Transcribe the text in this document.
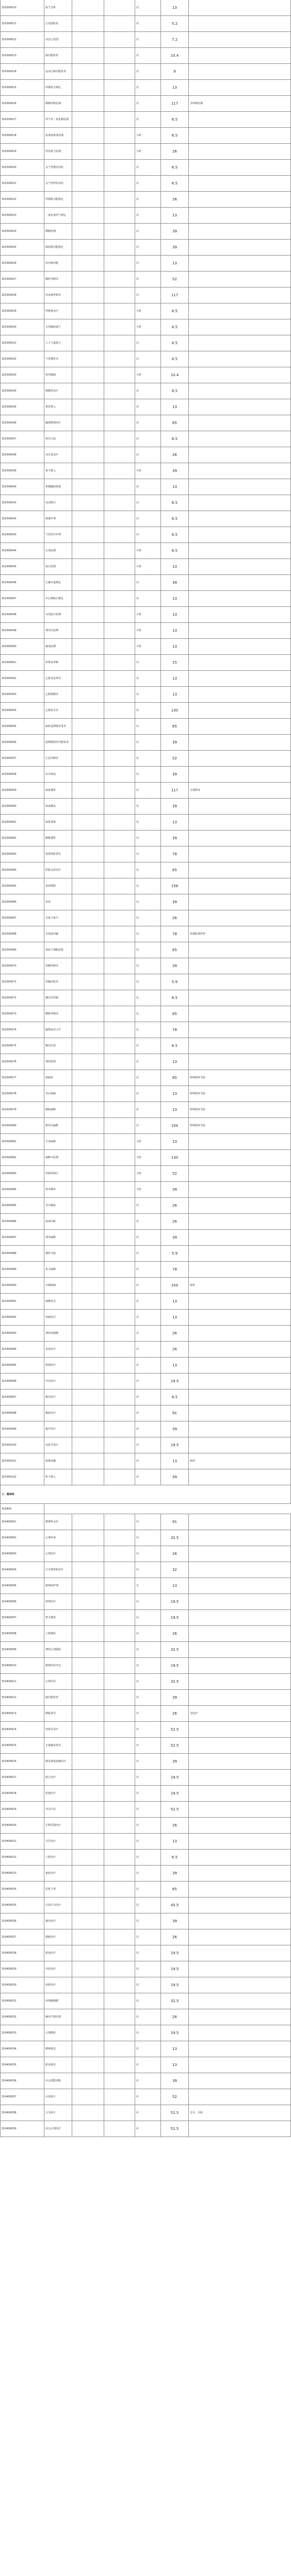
310300010	血气分析	次	13
310300011	心电图检查	次	5.2
310300012	动态心电图	次	7.2
310300013	肺功能检查	次	10.4
310300014	运动心肺功能检查	次	9
310300015	呼吸阻力测定	次	13
310300016	睡眠呼吸监测	次	117	含呼吸监测
310300017	呼气末二氧化碳监测	次	6.5
310300018	血氧饱和度监测	小时	6.5
310300019	经皮血气监测	小时	26
310300020	支气管激发试验	次	6.5
310300021	支气管舒张试验	次	6.5
310300022	呼吸肌功能测定	次	26
310300023	一氧化氮呼气测定	次	13
310300024	睡眠监测	次	39
310300025	肺弥散功能测定	次	39
310300026	床旁肺功能	次	13
310300027	胸腔穿刺术	次	52
310300028	经皮肺穿刺术	次	117
310300029	呼吸机治疗	小时	6.5
310300030	无创辅助通气	小时	6.5
310300031	人工气道建立	次	6.5
310300032	气管插管术	次	6.5
310300033	体外膜肺	小时	10.4
310300034	肺灌洗治疗	次	6.5
310300035	雾化吸入	次	13
310300036	胸部物理治疗	次	65
310300037	体位引流	次	6.5
310300038	高压氧治疗	次	26
310300039	氧气吸入	小时	39
310300040	机械辅助排痰	次	13
310300041	电动吸引	次	6.5
310300042	吸痰护理	次	6.5
310300043	气管切开护理	次	6.5
310300044	心电监测	小时	6.5
310300045	血压监测	小时	13
310300046	心输出量测定	次	39
310300047	中心静脉压测定	次	13
310300048	有创血压监测	小时	13
310300049	颅内压监测	小时	13
310300050	脑电监测	小时	13
310300051	经颅多普勒	次	15
310300052	心脏电复律术	次	13
310300053	心脏除颤术	次	13
310300054	心肺复苏术	次	130
310300055	临时起搏器安置术	次	65
310300056	起搏器程控功能检查	次	39
310300057	心包穿刺术	次	52
310300058	床旁血滤	次	39
310300059	血液透析	次	117	含透析液
310300060	血液灌流	次	39
310300061	血浆置换	次	13
310300062	腹膜透析	次	39
310300063	连续肾脏替代	次	78
310300064	肝脏支持治疗	次	65
310300065	免疫吸附	次	156
310300066	单采	次	39
310300067	光量子血疗	次	26
310300068	自体血回输	次	78	单独收费材料
310300069	造血干细胞采集	次	65
310300070	骨髓穿刺术	次	39
310300071	骨髓活检术	次	5.9
310300072	淋巴结穿刺	次	6.5
310300073	腰椎穿刺术	次	65
310300074	脑脊液动力学	次	78
310300075	鞘内注射	次	6.5
310300076	神经阻滞	次	13
310300077	镇痛泵	次	65	特殊耗材另收
310300078	术后镇痛	次	13	特殊耗材另收
310300079	静脉麻醉	次	13	特殊耗材另收
310300080	椎管内麻醉	次	104	特殊耗材另收
310300081	全身麻醉	小时	13
310300082	麻醉中监测	小时	130
310300083	控制性降压	小时	52
310300084	体外循环	小时	39
310300085	术中输血	次	26
310300086	血液回收	次	26
310300087	诱导麻醉	次	39
310300088	插管全麻	次	5.9
310300089	复合麻醉	次	78
310300090	分娩镇痛	次	104	耗材
310300091	麻醉复苏	次	13
310300092	疼痛治疗	次	13
310300093	神经电刺激	次	26
310300094	臭氧治疗	次	26
310300095	射频治疗	次	13
310300096	冷冻治疗	次	19.5
310300097	激光治疗	次	6.5
310300098	微波治疗	次	91
310300099	超声治疗	次	39
310300100	电化学治疗	次	19.5
310300101	射频消融	次	13	耗材
310300102	粒子植入	次	39
十、精神科
310400
310400001	精神科会诊	次	91
310400002	心理咨询	次	32.5
310400003	心理治疗	次	26
310400004	行为观察和治疗	次	32
310400005	精神病护理	日	13
310400006	特殊治疗	次	19.5
310400007	智力测查	次	19.5
310400008	人格测验	次	26
310400009	神经心理测验	次	32.5
310400010	精神症状评定	次	19.5
310400011	心理评估	次	32.5
310400012	脑功能检查	次	39
310400013	睡眠剥夺	次	26	含监护
310400014	电休克治疗	次	52.5
310400015	无抽搐电休克	次	52.5
310400016	胰岛素低血糖治疗	次	39
310400017	暗示治疗	次	19.5
310400018	松弛治疗	次	19.5
310400019	冲击疗法	次	52.5
310400020	生物反馈治疗	次	26
310400021	音乐治疗	次	13
310400022	工娱治疗	次	6.5
310400023	家庭治疗	次	39
310400024	危机干预	次	65
310400025	认知行为治疗	次	45.5
310400026	森田治疗	次	39
310400027	催眠治疗	次	26
310400028	游戏治疗	次	19.5
310400029	沙盘治疗	次	19.5
310400030	团体治疗	次	19.5
310400031	经颅磁刺激	次	32.5
310400032	脑电生物反馈	次	26
310400033	心理测验	次	19.5
310400034	精神康复	次	13
310400035	职业康复	次	13
310400036	社会技能训练	次	39
310400037	认知矫正	次	52
310400038	行为矫正	次	52.5	含另，另收
310400039	综合心理治疗	次	52.5
